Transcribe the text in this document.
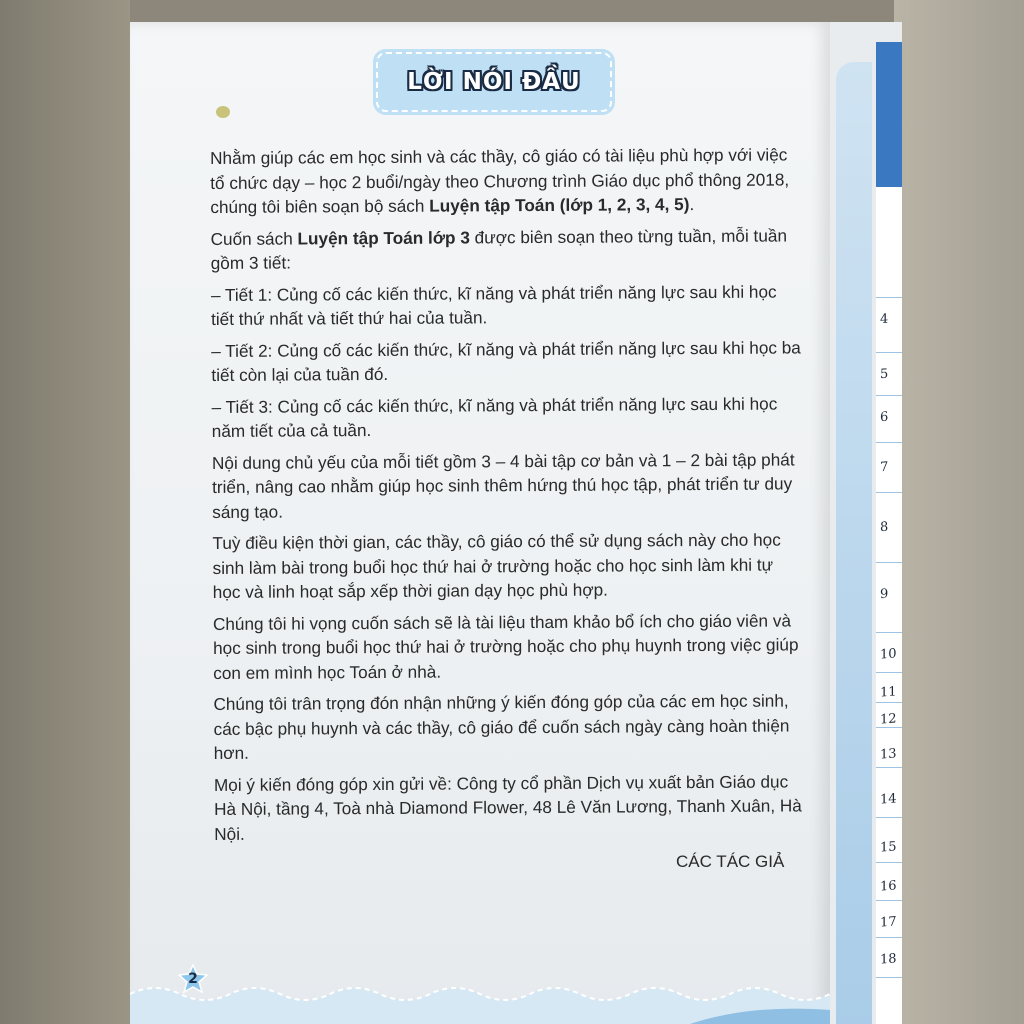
4
5
6
7
8
9
10
11
12
13
14
15
16
17
18
LỜI NÓI ĐẦU

Nhằm giúp các em học sinh và các thầy, cô giáo có tài liệu phù hợp với việc tổ chức dạy – học 2 buổi/ngày theo Chương trình Giáo dục phổ thông 2018, chúng tôi biên soạn bộ sách Luyện tập Toán (lớp 1, 2, 3, 4, 5).

Cuốn sách Luyện tập Toán lớp 3 được biên soạn theo từng tuần, mỗi tuần gồm 3 tiết:

– Tiết 1: Củng cố các kiến thức, kĩ năng và phát triển năng lực sau khi học tiết thứ nhất và tiết thứ hai của tuần.

– Tiết 2: Củng cố các kiến thức, kĩ năng và phát triển năng lực sau khi học ba tiết còn lại của tuần đó.

– Tiết 3: Củng cố các kiến thức, kĩ năng và phát triển năng lực sau khi học năm tiết của cả tuần.

Nội dung chủ yếu của mỗi tiết gồm 3 – 4 bài tập cơ bản và 1 – 2 bài tập phát triển, nâng cao nhằm giúp học sinh thêm hứng thú học tập, phát triển tư duy sáng tạo.

Tuỳ điều kiện thời gian, các thầy, cô giáo có thể sử dụng sách này cho học sinh làm bài trong buổi học thứ hai ở trường hoặc cho học sinh làm khi tự học và linh hoạt sắp xếp thời gian dạy học phù hợp.

Chúng tôi hi vọng cuốn sách sẽ là tài liệu tham khảo bổ ích cho giáo viên và học sinh trong buổi học thứ hai ở trường hoặc cho phụ huynh trong việc giúp con em mình học Toán ở nhà.

Chúng tôi trân trọng đón nhận những ý kiến đóng góp của các em học sinh, các bậc phụ huynh và các thầy, cô giáo để cuốn sách ngày càng hoàn thiện hơn.

Mọi ý kiến đóng góp xin gửi về: Công ty cổ phần Dịch vụ xuất bản Giáo dục Hà Nội, tầng 4, Toà nhà Diamond Flower, 48 Lê Văn Lương, Thanh Xuân, Hà Nội.

CÁC TÁC GIẢ
2
